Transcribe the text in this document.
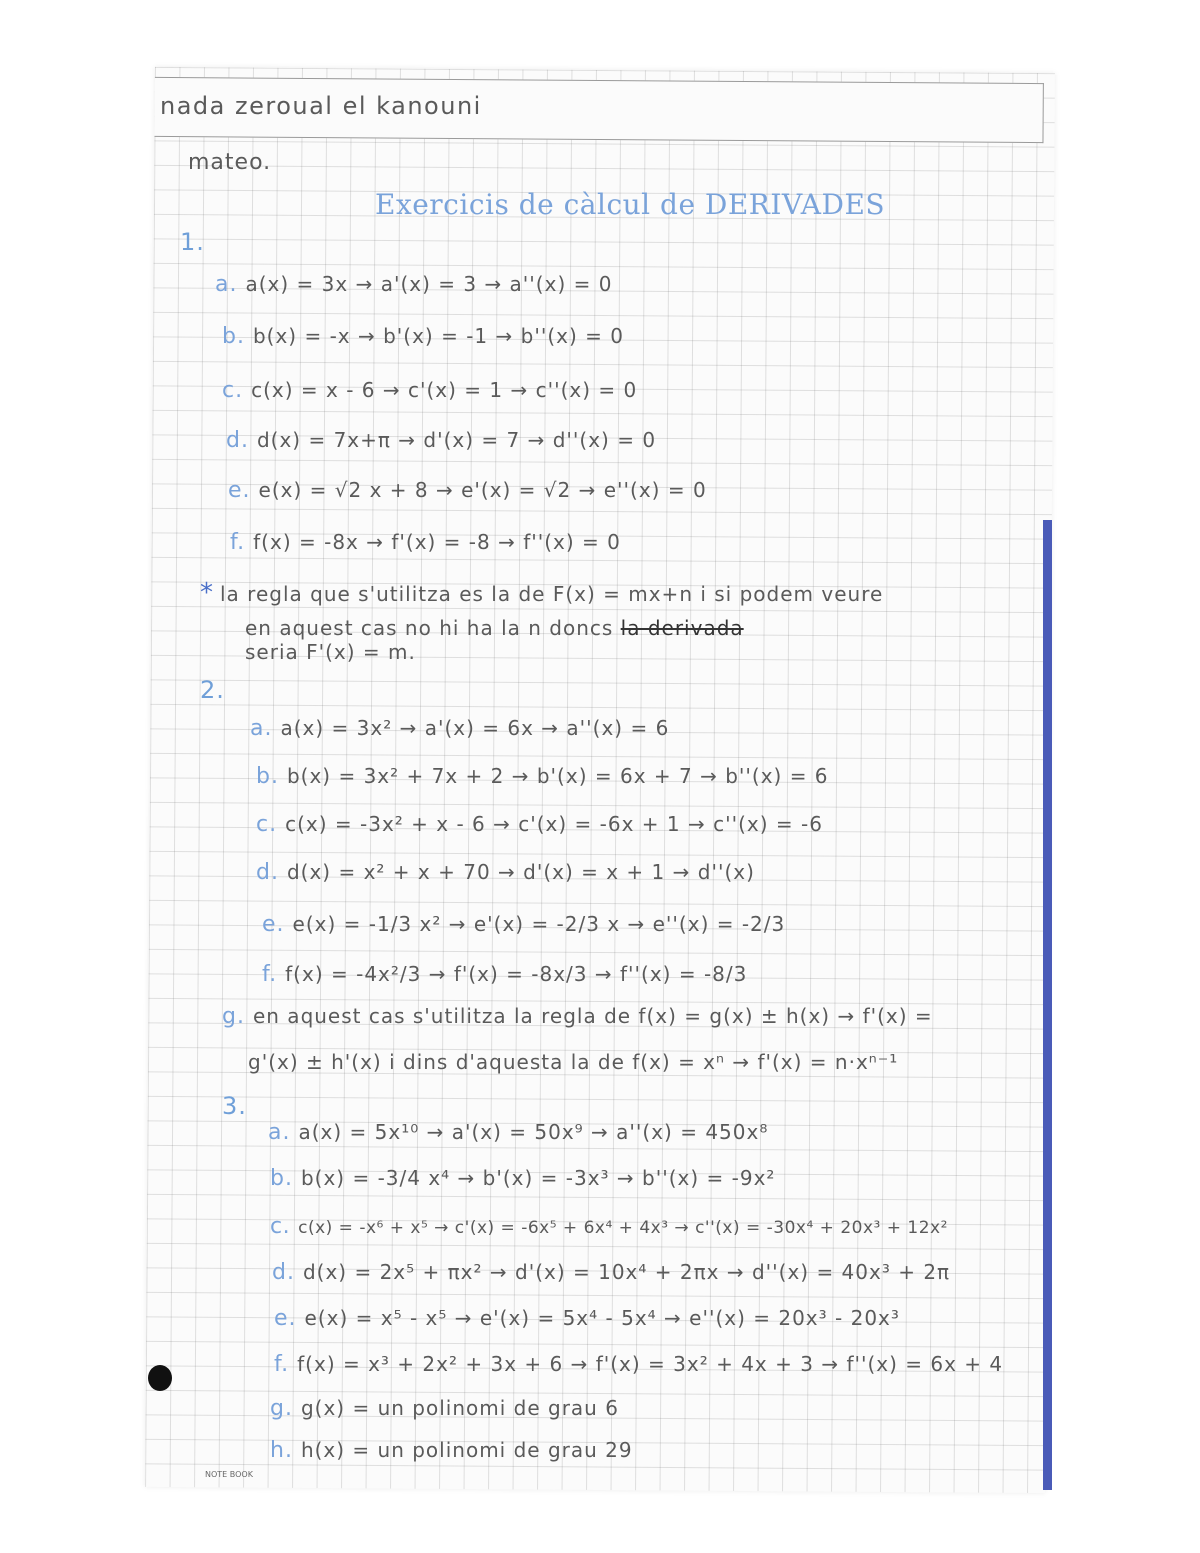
nada zeroual el kanouni
mateo.
Exercicis de càlcul de DERIVADES
1.
a. a(x) = 3x → a'(x) = 3 → a''(x) = 0
b. b(x) = -x → b'(x) = -1 → b''(x) = 0
c. c(x) = x - 6 → c'(x) = 1 → c''(x) = 0
d. d(x) = 7x+π → d'(x) = 7 → d''(x) = 0
e. e(x) = √2 x + 8 → e'(x) = √2 → e''(x) = 0
f. f(x) = -8x → f'(x) = -8 → f''(x) = 0
* la regla que s'utilitza es la de F(x) = mx+n i si podem veure
en aquest cas no hi ha la n doncs la derivada
seria F'(x) = m.
2.
a. a(x) = 3x² → a'(x) = 6x → a''(x) = 6
b. b(x) = 3x² + 7x + 2 → b'(x) = 6x + 7 → b''(x) = 6
c. c(x) = -3x² + x - 6 → c'(x) = -6x + 1 → c''(x) = -6
d. d(x) = x² + x + 70 → d'(x) = x + 1 → d''(x)
e. e(x) = -1/3 x² → e'(x) = -2/3 x → e''(x) = -2/3
f. f(x) = -4x²/3 → f'(x) = -8x/3 → f''(x) = -8/3
g. en aquest cas s'utilitza la regla de f(x) = g(x) ± h(x) → f'(x) =
g'(x) ± h'(x) i dins d'aquesta la de f(x) = xⁿ → f'(x) = n·xⁿ⁻¹
3.
a. a(x) = 5x¹⁰ → a'(x) = 50x⁹ → a''(x) = 450x⁸
b. b(x) = -3/4 x⁴ → b'(x) = -3x³ → b''(x) = -9x²
c. c(x) = -x⁶ + x⁵ → c'(x) = -6x⁵ + 6x⁴ + 4x³ → c''(x) = -30x⁴ + 20x³ + 12x²
d. d(x) = 2x⁵ + πx² → d'(x) = 10x⁴ + 2πx → d''(x) = 40x³ + 2π
e. e(x) = x⁵ - x⁵ → e'(x) = 5x⁴ - 5x⁴ → e''(x) = 20x³ - 20x³
f. f(x) = x³ + 2x² + 3x + 6 → f'(x) = 3x² + 4x + 3 → f''(x) = 6x + 4
g. g(x) = un polinomi de grau 6
h. h(x) = un polinomi de grau 29
NOTE BOOK
